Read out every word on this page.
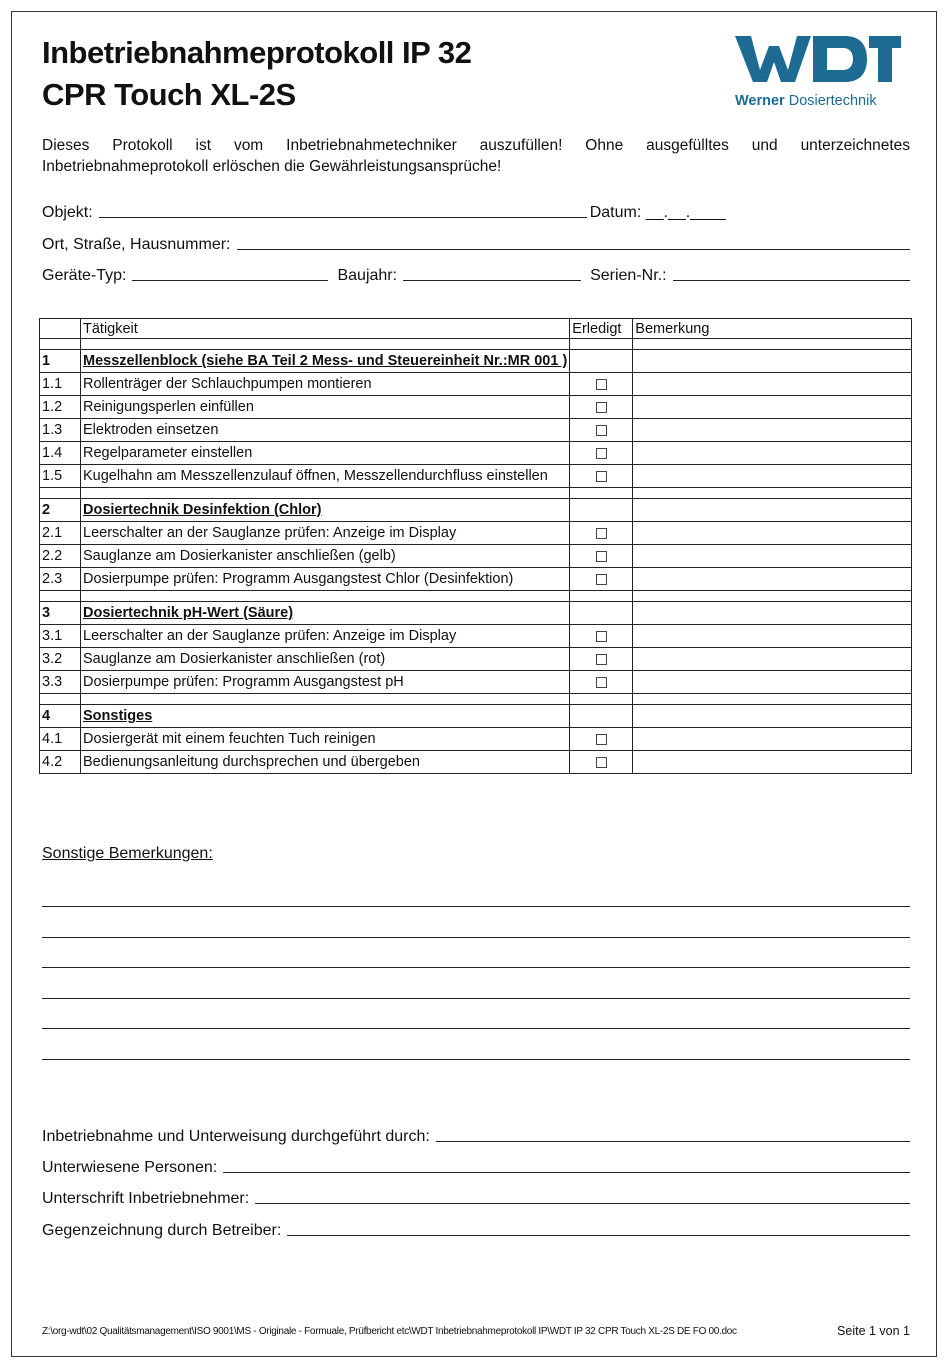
Inbetriebnahmeprotokoll IP 32
CPR Touch XL-2S	Werner Dosiertechnik

Dieses Protokoll ist vom Inbetriebnahmetechniker auszufüllen! Ohne ausgefülltes und unterzeichnetes Inbetriebnahmeprotokoll erlöschen die Gewährleistungsansprüche!

Objekt:	Datum: __.__.____
Ort, Straße, Hausnummer:
Geräte-Typ:	Baujahr:	Serien-Nr.:
	Tätigkeit	Erledigt	Bemerkung

1	Messzellenblock (siehe BA Teil 2 Mess- und Steuereinheit Nr.:MR 001 )		
1.1	Rollenträger der Schlauchpumpen montieren		
1.2	Reinigungsperlen einfüllen		
1.3	Elektroden einsetzen		
1.4	Regelparameter einstellen		
1.5	Kugelhahn am Messzellenzulauf öffnen, Messzellendurchfluss einstellen		

2	Dosiertechnik Desinfektion (Chlor)		
2.1	Leerschalter an der Sauglanze prüfen: Anzeige im Display		
2.2	Sauglanze am Dosierkanister anschließen (gelb)		
2.3	Dosierpumpe prüfen: Programm Ausgangstest Chlor (Desinfektion)		

3	Dosiertechnik pH-Wert (Säure)		
3.1	Leerschalter an der Sauglanze prüfen: Anzeige im Display		
3.2	Sauglanze am Dosierkanister anschließen (rot)		
3.3	Dosierpumpe prüfen: Programm Ausgangstest pH		

4	Sonstiges		
4.1	Dosiergerät mit einem feuchten Tuch reinigen		
4.2	Bedienungsanleitung durchsprechen und übergeben		

Sonstige Bemerkungen:

Inbetriebnahme und Unterweisung durchgeführt durch:
Unterwiesene Personen:
Unterschrift Inbetriebnehmer:
Gegenzeichnung durch Betreiber:
Z:\org-wdt\02 Qualitätsmanagement\ISO 9001\MS - Originale - Formuale, Prüfbericht etc\WDT Inbetriebnahmeprotokoll IP\WDT IP 32 CPR Touch XL-2S DE FO 00.doc	Seite 1 von 1
